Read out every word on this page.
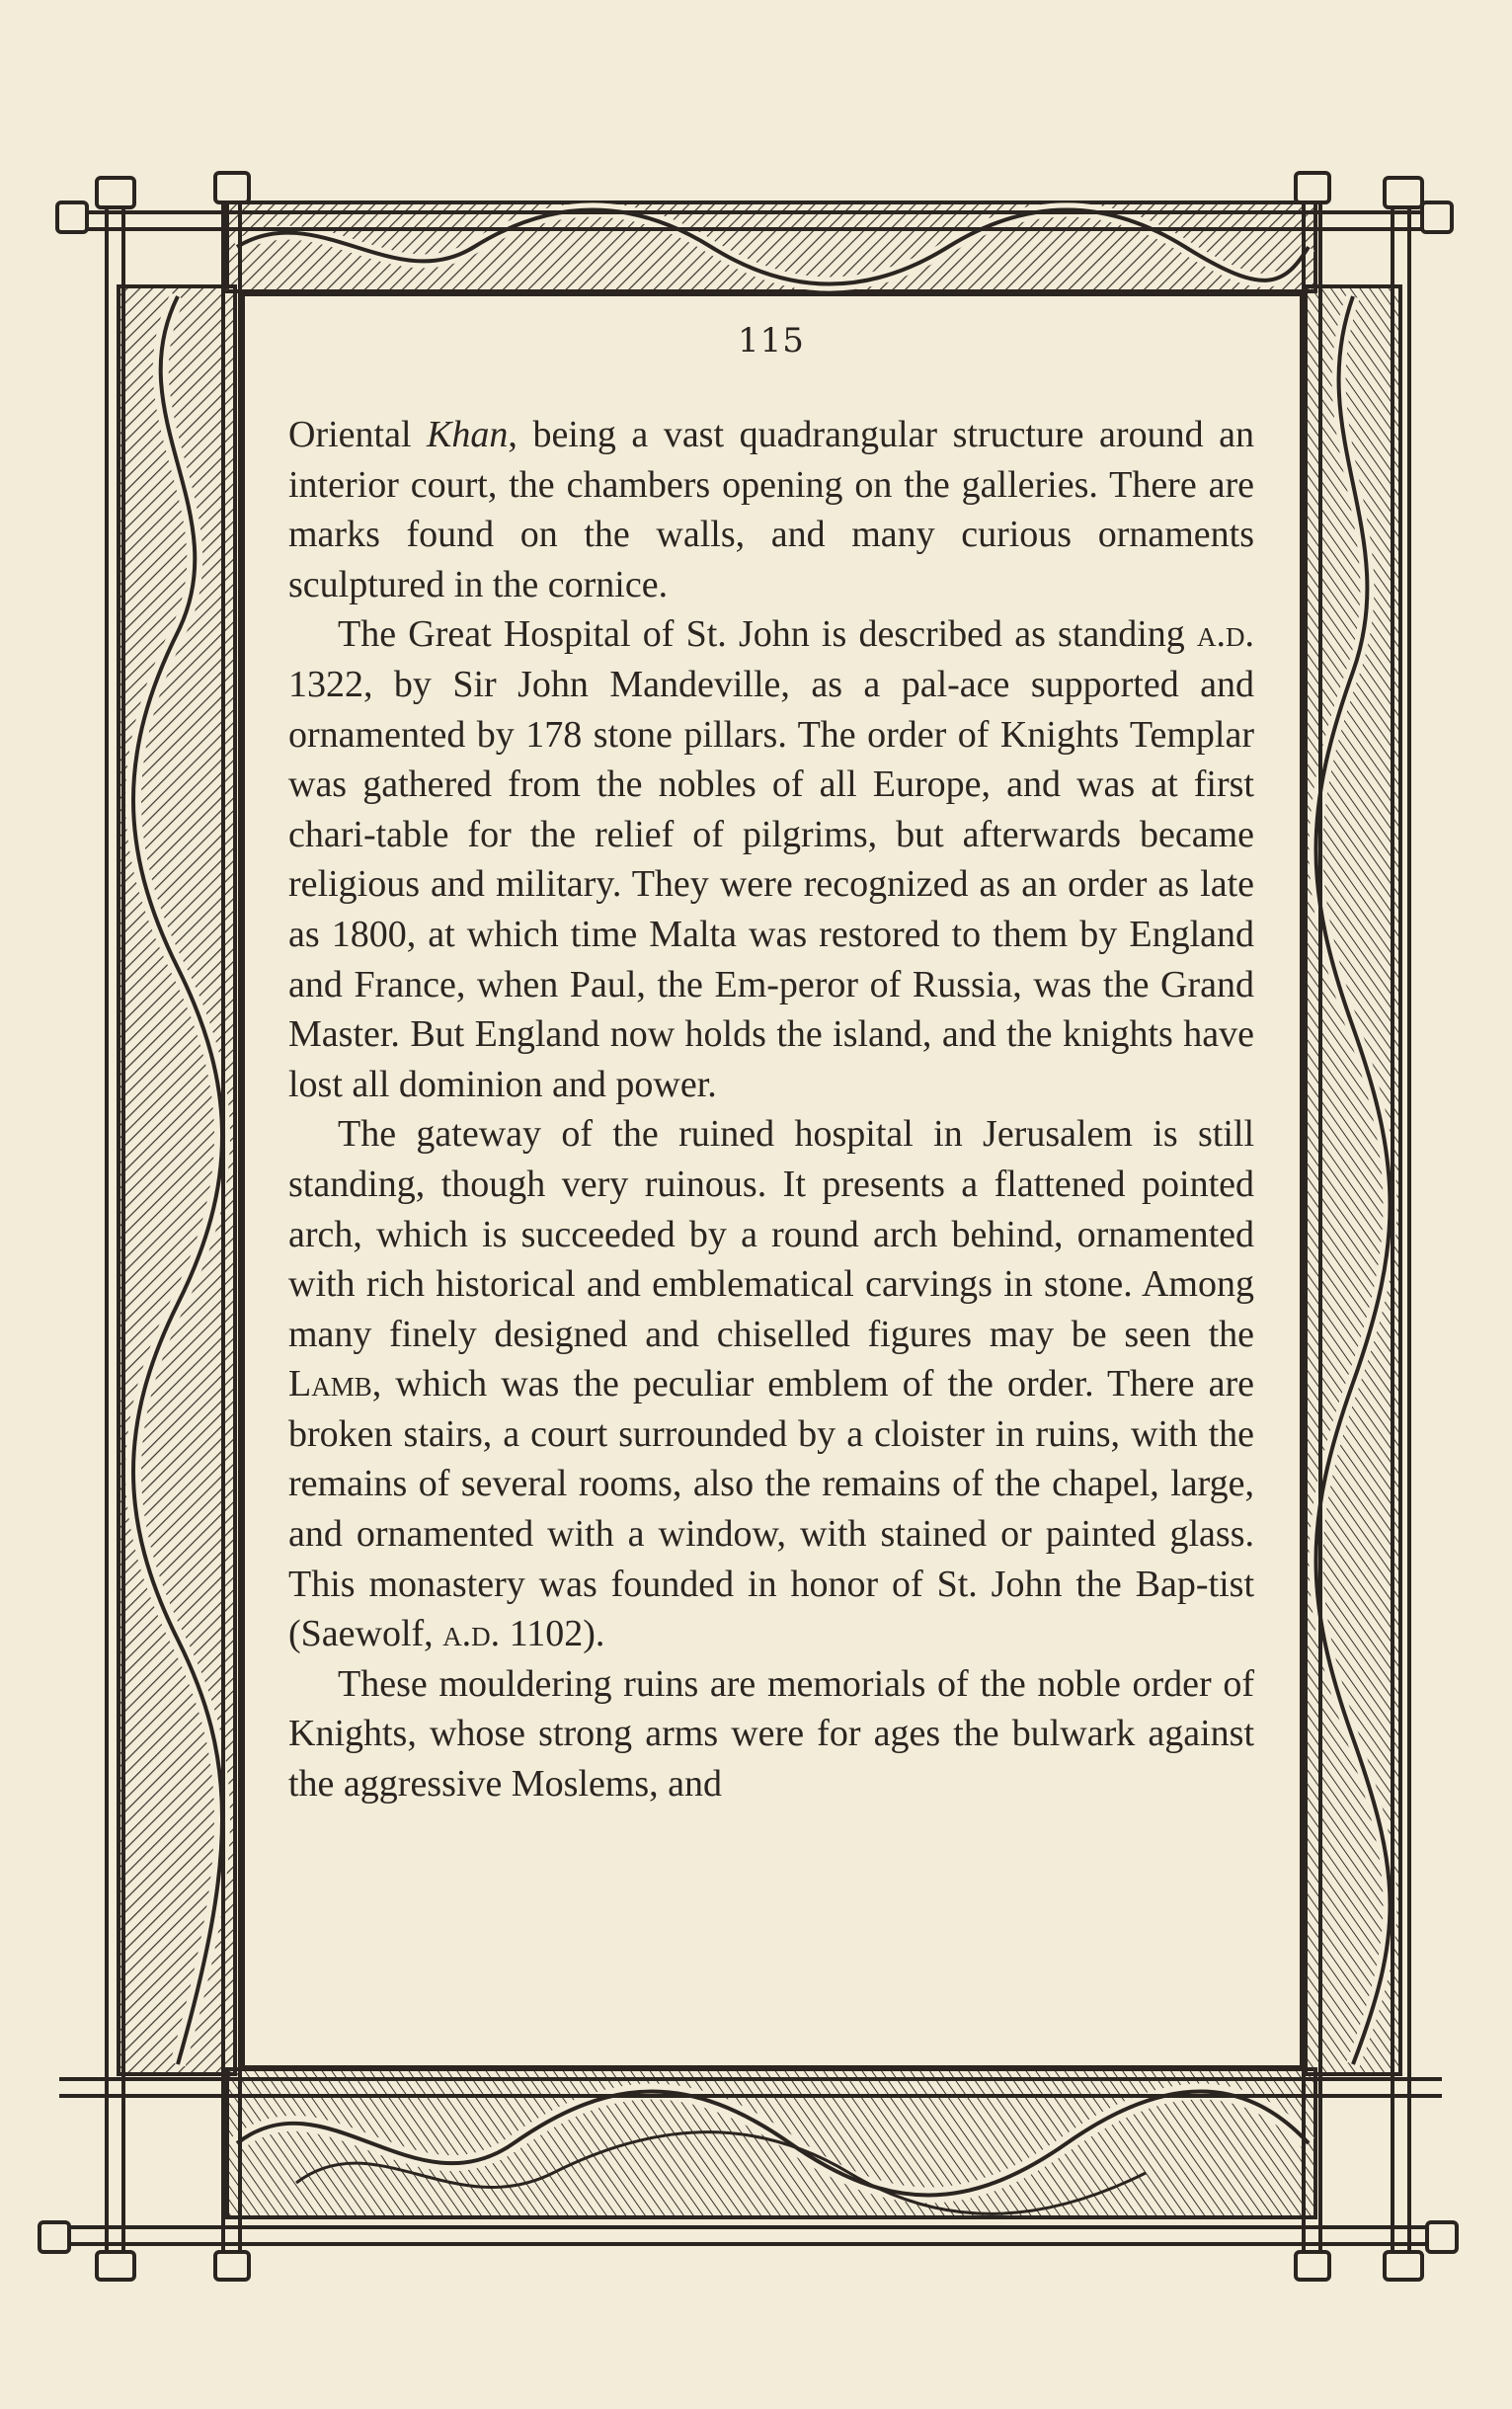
115

Oriental Khan, being a vast quadrangular structure around an interior court, the chambers opening on the galleries. There are marks found on the walls, and many curious ornaments sculptured in the cornice.

The Great Hospital of St. John is described as standing a.d. 1322, by Sir John Mandeville, as a pal-ace supported and ornamented by 178 stone pillars. The order of Knights Templar was gathered from the nobles of all Europe, and was at first chari-table for the relief of pilgrims, but afterwards became religious and military. They were recognized as an order as late as 1800, at which time Malta was restored to them by England and France, when Paul, the Em-peror of Russia, was the Grand Master. But England now holds the island, and the knights have lost all dominion and power.

The gateway of the ruined hospital in Jerusalem is still standing, though very ruinous. It presents a flattened pointed arch, which is succeeded by a round arch behind, ornamented with rich historical and emblematical carvings in stone. Among many finely designed and chiselled figures may be seen the Lamb, which was the peculiar emblem of the order. There are broken stairs, a court surrounded by a cloister in ruins, with the remains of several rooms, also the remains of the chapel, large, and ornamented with a window, with stained or painted glass. This monastery was founded in honor of St. John the Bap-tist (Saewolf, a.d. 1102).

These mouldering ruins are memorials of the noble order of Knights, whose strong arms were for ages the bulwark against the aggressive Moslems, and
